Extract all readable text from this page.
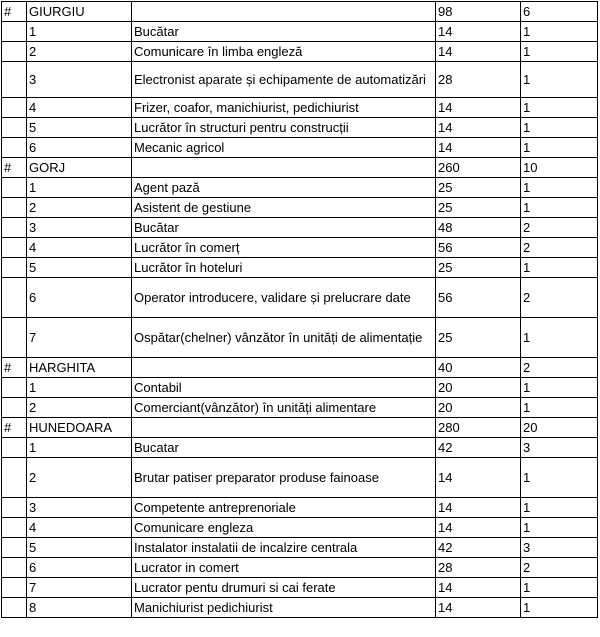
#	GIURGIU		98	6
	1	Bucătar	14	1
	2	Comunicare în limba engleză	14	1
	3	Electronist aparate și echipamente de automatizări	28	1
	4	Frizer, coafor, manichiurist, pedichiurist	14	1
	5	Lucrător în structuri pentru construcții	14	1
	6	Mecanic agricol	14	1
#	GORJ		260	10
	1	Agent pază	25	1
	2	Asistent de gestiune	25	1
	3	Bucătar	48	2
	4	Lucrător în comerț	56	2
	5	Lucrător în hoteluri	25	1
	6	Operator introducere, validare și prelucrare date	56	2
	7	Ospătar(chelner) vânzător în unități de alimentație	25	1
#	HARGHITA		40	2
	1	Contabil	20	1
	2	Comerciant(vânzător) în unități alimentare	20	1
#	HUNEDOARA		280	20
	1	Bucatar	42	3
	2	Brutar patiser preparator produse fainoase	14	1
	3	Competente antreprenoriale	14	1
	4	Comunicare engleza	14	1
	5	Instalator instalatii de incalzire centrala	42	3
	6	Lucrator in comert	28	2
	7	Lucrator pentu drumuri si cai ferate	14	1
	8	Manichiurist pedichiurist	14	1
